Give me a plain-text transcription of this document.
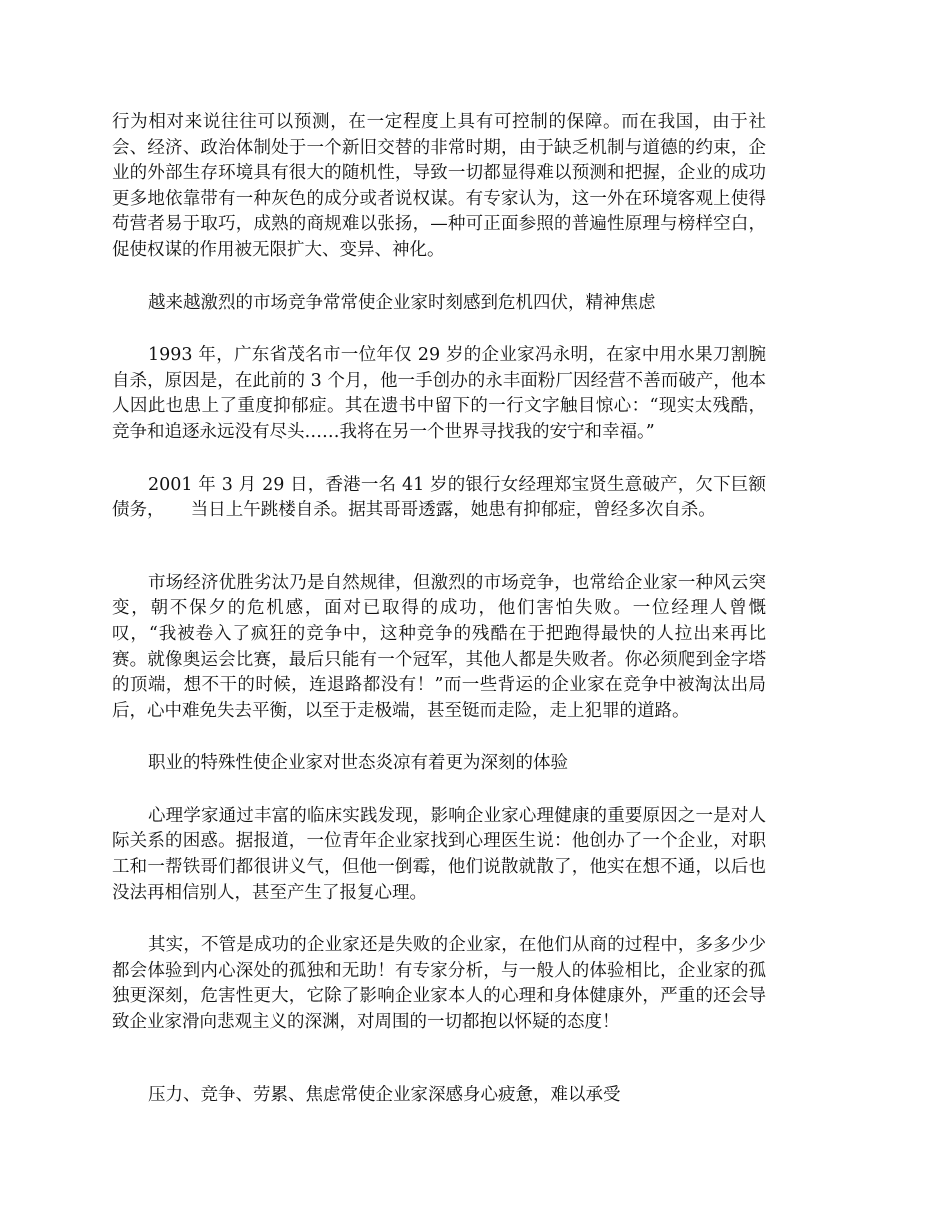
行为相对来说往往可以预测，在一定程度上具有可控制的保障。而在我国，由于社会、经济、政治体制处于一个新旧交替的非常时期，由于缺乏机制与道德的约束，企业的外部生存环境具有很大的随机性，导致一切都显得难以预测和把握，企业的成功更多地依靠带有一种灰色的成分或者说权谋。有专家认为，这一外在环境客观上使得苟营者易于取巧，成熟的商规难以张扬，—种可正面参照的普遍性原理与榜样空白，促使权谋的作用被无限扩大、变异、神化。

越来越激烈的市场竞争常常使企业家时刻感到危机四伏，精神焦虑

1993 年，广东省茂名市一位年仅 29 岁的企业家冯永明，在家中用水果刀割腕自杀，原因是，在此前的 3 个月，他一手创办的永丰面粉厂因经营不善而破产，他本人因此也患上了重度抑郁症。其在遗书中留下的一行文字触目惊心：“现实太残酷，竞争和追逐永远没有尽头……我将在另一个世界寻找我的安宁和幸福。”

2001 年 3 月 29 日，香港一名 41 岁的银行女经理郑宝贤生意破产，欠下巨额债务，　　当日上午跳楼自杀。据其哥哥透露，她患有抑郁症，曾经多次自杀。

市场经济优胜劣汰乃是自然规律，但激烈的市场竞争，也常给企业家一种风云突变，朝不保夕的危机感，面对已取得的成功，他们害怕失败。一位经理人曾慨叹，“我被卷入了疯狂的竞争中，这种竞争的残酷在于把跑得最快的人拉出来再比赛。就像奥运会比赛，最后只能有一个冠军，其他人都是失败者。你必须爬到金字塔的顶端，想不干的时候，连退路都没有！”而一些背运的企业家在竞争中被淘汰出局后，心中难免失去平衡，以至于走极端，甚至铤而走险，走上犯罪的道路。

职业的特殊性使企业家对世态炎凉有着更为深刻的体验

心理学家通过丰富的临床实践发现，影响企业家心理健康的重要原因之一是对人际关系的困惑。据报道，一位青年企业家找到心理医生说：他创办了一个企业，对职工和一帮铁哥们都很讲义气，但他一倒霉，他们说散就散了，他实在想不通，以后也没法再相信别人，甚至产生了报复心理。

其实，不管是成功的企业家还是失败的企业家，在他们从商的过程中，多多少少都会体验到内心深处的孤独和无助！有专家分析，与一般人的体验相比，企业家的孤独更深刻，危害性更大，它除了影响企业家本人的心理和身体健康外，严重的还会导致企业家滑向悲观主义的深渊，对周围的一切都抱以怀疑的态度！

压力、竞争、劳累、焦虑常使企业家深感身心疲惫，难以承受
